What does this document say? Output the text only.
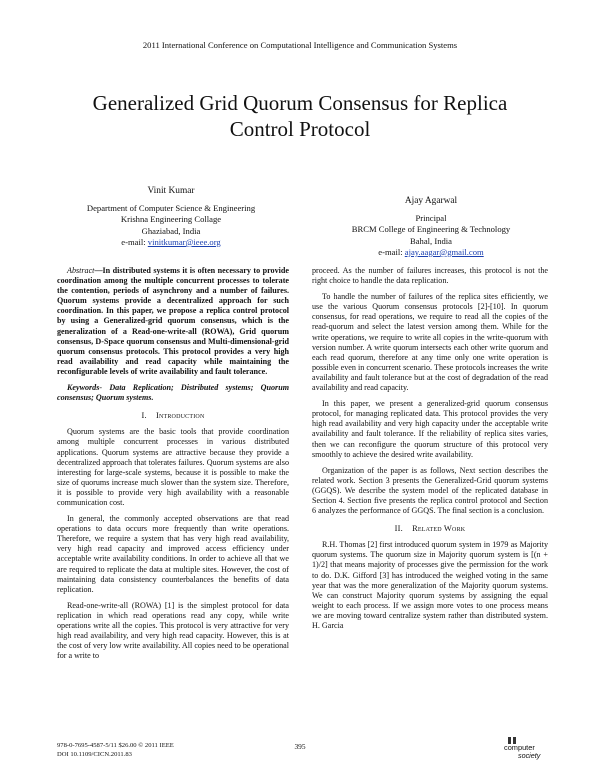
2011 International Conference on Computational Intelligence and Communication Systems
Generalized Grid Quorum Consensus for Replica
Control Protocol
Vinit Kumar
Department of Computer Science & Engineering
Krishna Engineering Collage
Ghaziabad, India
e-mail: vinitkumar@ieee.org
Ajay Agarwal
Principal
BRCM College of Engineering & Technology
Bahal, India
e-mail: ajay.aagar@gmail.com

Abstract—In distributed systems it is often necessary to provide coordination among the multiple concurrent processes to tolerate the contention, periods of asynchrony and a number of failures. Quorum systems provide a decentralized approach for such coordination. In this paper, we propose a replica control protocol by using a Generalized-grid quorum consensus, which is the generalization of a Read-one-write-all (ROWA), Grid quorum consensus, D-Space quorum consensus and Multi-dimensional-grid quorum consensus protocols. This protocol provides a very high read availability and read capacity while maintaining the reconfigurable levels of write availability and fault tolerance.

Keywords- Data Replication; Distributed systems; Quorum consensus; Quorum systems.

I. Introduction

Quorum systems are the basic tools that provide coordination among multiple concurrent processes in various distributed applications. Quorum systems are attractive because they provide a decentralized approach that tolerates failures. Quorum systems are also interesting for large-scale systems, because it is possible to make the size of quorums increase much slower than the system size. Therefore, it is possible to provide very high availability with a reasonable communication cost.

In general, the commonly accepted observations are that read operations to data occurs more frequently than write operations. Therefore, we require a system that has very high read availability, very high read capacity and improved access efficiency under acceptable write availability conditions. In order to achieve all that we are required to replicate the data at multiple sites. However, the cost of maintaining data consistency counterbalances the benefits of data replication.

Read-one-write-all (ROWA) [1] is the simplest protocol for data replication in which read operations read any copy, while write operations write all the copies. This protocol is very attractive for very high read availability, and very high read capacity. However, this is at the cost of very low write availability. All copies need to be operational for a write to

proceed. As the number of failures increases, this protocol is not the right choice to handle the data replication.

To handle the number of failures of the replica sites efficiently, we use the various Quorum consensus protocols [2]-[10]. In quorum consensus, for read operations, we require to read all the copies of the read-quorum and select the latest version among them. While for the write operations, we require to write all copies in the write-quorum with version number. A write quorum intersects each other write quorum and each read quorum, therefore at any time only one write operation is possible even in concurrent scenario. These protocols increases the write availability and fault tolerance but at the cost of degradation of the read availability and read capacity.

In this paper, we present a generalized-grid quorum consensus protocol, for managing replicated data. This protocol provides the very high read availability and very high capacity under the acceptable write availability and fault tolerance. If the reliability of replica sites varies, then we can reconfigure the quorum structure of this protocol very smoothly to achieve the desired write availability.

Organization of the paper is as follows, Next section describes the related work. Section 3 presents the Generalized-Grid quorum systems (GGQS). We describe the system model of the replicated database in Section 4. Section five presents the replica control protocol and Section 6 analyzes the performance of GGQS. The final section is a conclusion.

II. Related Work

R.H. Thomas [2] first introduced quorum system in 1979 as Majority quorum systems. The quorum size in Majority quorum system is [(n + 1)/2] that means majority of processes give the permission for the work to do. D.K. Gifford [3] has introduced the weighed voting in the same year that was the more generalization of the Majority quorum systems. We can construct Majority quorum systems by assigning the equal weight to each process. If we assign more votes to one process means we are moving toward centralize system rather than distributed system. H. Garcia

978-0-7695-4587-5/11 $26.00 © 2011 IEEE
DOI 10.1109/CICN.2011.83
395	computer
society
